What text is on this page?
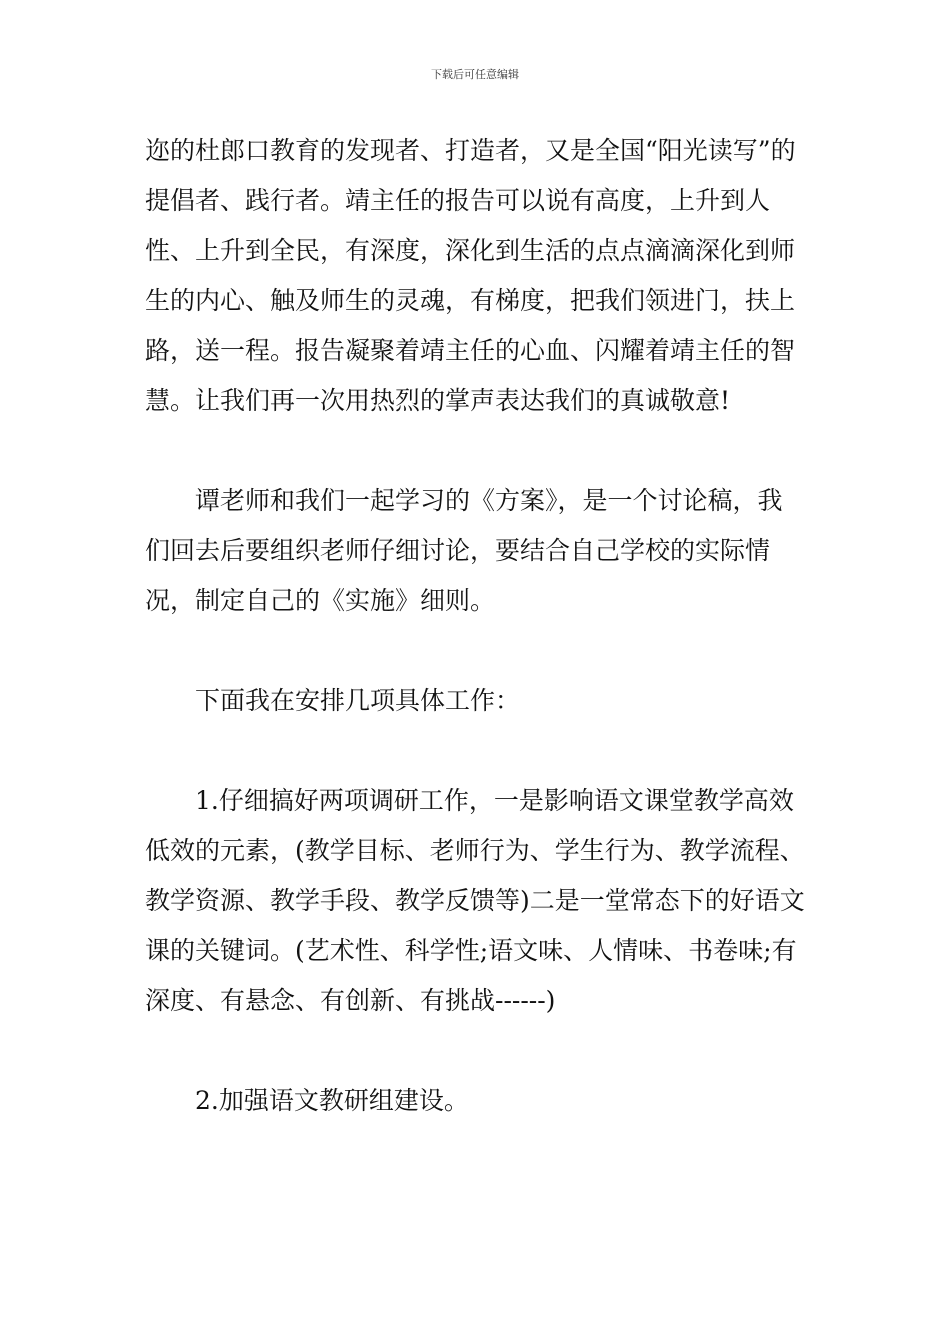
下载后可任意编辑

迩的杜郎口教育的发现者、打造者，又是全国“阳光读写”的提倡者、践行者。靖主任的报告可以说有高度，上升到人性、上升到全民，有深度，深化到生活的点点滴滴深化到师生的内心、触及师生的灵魂，有梯度，把我们领进门，扶上路，送一程。报告凝聚着靖主任的心血、闪耀着靖主任的智慧。让我们再一次用热烈的掌声表达我们的真诚敬意!

谭老师和我们一起学习的《方案》，是一个讨论稿，我们回去后要组织老师仔细讨论，要结合自己学校的实际情况，制定自己的《实施》细则。

下面我在安排几项具体工作：

1.仔细搞好两项调研工作，一是影响语文课堂教学高效低效的元素，(教学目标、老师行为、学生行为、教学流程、教学资源、教学手段、教学反馈等)二是一堂常态下的好语文课的关键词。(艺术性、科学性;语文味、人情味、书卷味;有深度、有悬念、有创新、有挑战------)

2.加强语文教研组建设。
